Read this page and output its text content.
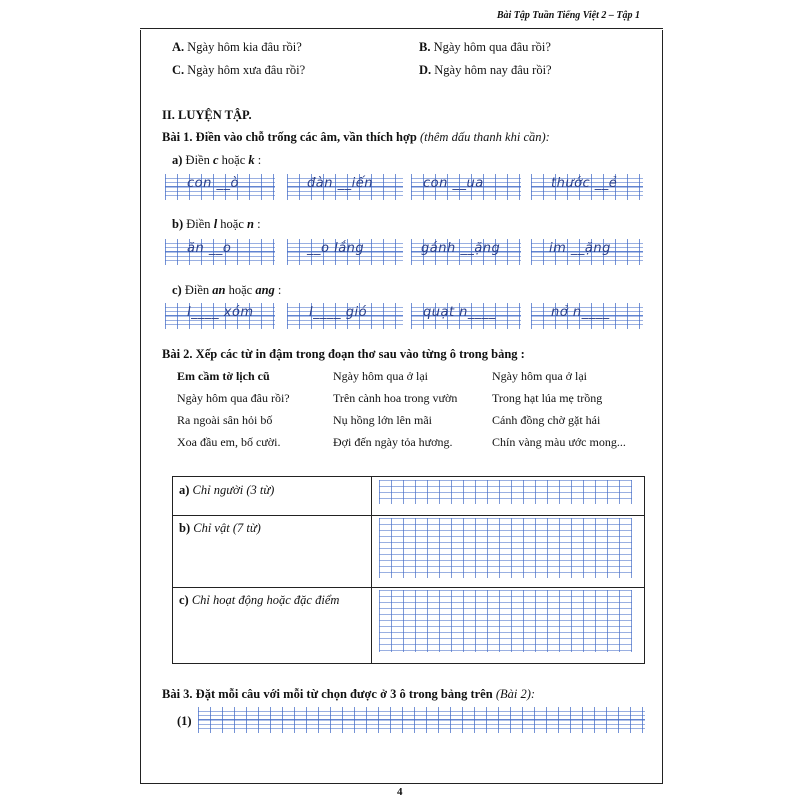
Bài Tập Tuần Tiếng Việt 2 – Tập 1
A. Ngày hôm kia đâu rồi?	B. Ngày hôm qua đâu rồi?
C. Ngày hôm xưa đâu rồi?	D. Ngày hôm nay đâu rồi?
II. LUYỆN TẬP.
Bài 1. Điền vào chỗ trống các âm, vần thích hợp (thêm dấu thanh khi cần):
a) Điền c hoặc k :
con __ò	đàn __iến	con __ua	thước __ẻ
b) Điền l hoặc n :
ăn __o	__o lắng	gánh __ặng	im __ặng
c) Điền an hoặc ang :
l____ xóm	l____ gió	quạt n____	nở n____
Bài 2. Xếp các từ in đậm trong đoạn thơ sau vào từng ô trong bảng :
Em cầm tờ lịch cũ	Ngày hôm qua ở lại	Ngày hôm qua ở lại
Ngày hôm qua đâu rồi?	Trên cành hoa trong vườn	Trong hạt lúa mẹ trồng
Ra ngoài sân hỏi bố	Nụ hồng lớn lên mãi	Cánh đồng chờ gặt hái
Xoa đầu em, bố cười.	Đợi đến ngày tỏa hương.	Chín vàng màu ước mong...
a) Chỉ người (3 từ)
b) Chỉ vật (7 từ)
c) Chỉ hoạt động hoặc đặc điểm
Bài 3. Đặt mỗi câu với mỗi từ chọn được ở 3 ô trong bảng trên (Bài 2):
(1)
4
